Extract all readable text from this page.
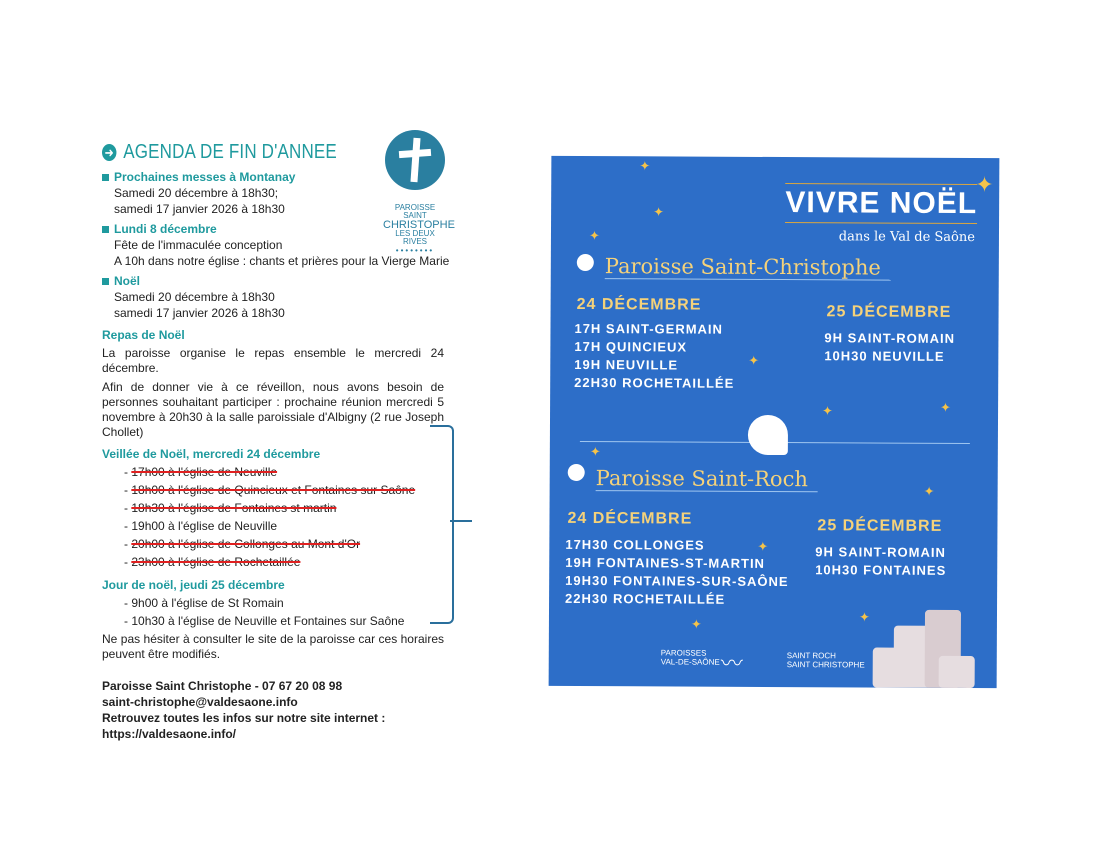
➜ AGENDA DE FIN D'ANNEE
Prochaines messes à Montanay
Samedi 20 décembre à 18h30;
samedi 17 janvier 2026 à 18h30
Lundi 8 décembre
Fête de l'immaculée conception
A 10h dans notre église : chants et prières pour la Vierge Marie
Noël
Samedi 20 décembre à 18h30
samedi 17 janvier 2026 à 18h30
Repas de Noël
La paroisse organise le repas ensemble le mercredi 24 décembre.
Afin de donner vie à ce réveillon, nous avons besoin de personnes souhaitant participer : prochaine réunion mercredi 5 novembre à 20h30 à la salle paroissiale d'Albigny (2 rue Joseph Chollet)
Veillée de Noël, mercredi 24 décembre
- 17h00 à l'église de Neuville
- 18h00 à l'église de Quincieux et Fontaines sur Saône
- 18h30 à l'église de Fontaines st martin
- 19h00 à l'église de Neuville
- 20h00 à l'église de Collonges au Mont d'Or
- 23h00 à l'église de Rochetaillée
Jour de noël, jeudi 25 décembre
- 9h00 à l'église de St Romain
- 10h30 à l'église de Neuville et Fontaines sur Saône
Ne pas hésiter à consulter le site de la paroisse car ces horaires peuvent être modifiés.
Paroisse Saint Christophe - 07 67 20 08 98
saint-christophe@valdesaone.info
Retrouvez toutes les infos sur notre site internet :
https://valdesaone.info/
PAROISSE SAINT
CHRISTOPHE
LES DEUX RIVES
••••••••
✦
✦
✦
✦
✦
✦	✦
✦
✦
✦
✦	✦
VIVRE NOËL
dans le Val de Saône
Paroisse Saint-Christophe
24 DÉCEMBRE
17H SAINT-GERMAIN
17H QUINCIEUX
19H NEUVILLE
22H30 ROCHETAILLÉE
25 DÉCEMBRE
9H SAINT-ROMAIN
10H30 NEUVILLE
Paroisse Saint-Roch
24 DÉCEMBRE
17H30 COLLONGES
19H FONTAINES-ST-MARTIN
19H30 FONTAINES-SUR-SAÔNE
22H30 ROCHETAILLÉE
25 DÉCEMBRE
9H SAINT-ROMAIN
10H30 FONTAINES
PAROISSES
VAL-DE-SAÔNE 〰	SAINT ROCH
SAINT CHRISTOPHE
